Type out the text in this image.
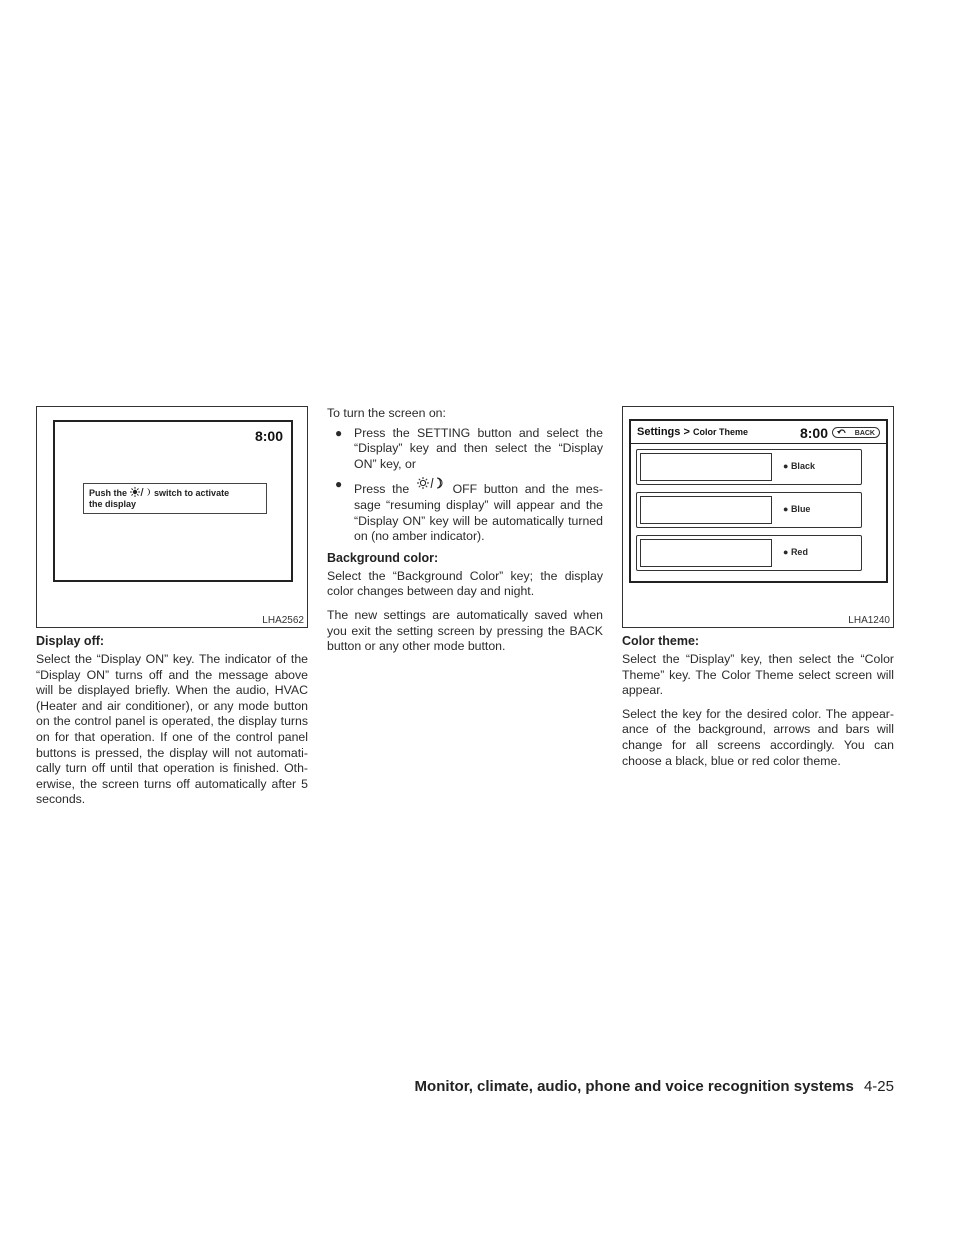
8:00
Push the	switch to activate
the display
LHA2562
Display off:

Select the “Display ON” key. The indicator of the “Display ON” turns off and the message above will be displayed briefly. When the audio, HVAC (Heater and air conditioner), or any mode button on the control panel is operated, the display turns on for that operation. If one of the control panel buttons is pressed, the display will not automati- cally turn off until that operation is finished. Oth- erwise, the screen turns off automatically after 5 seconds.

To turn the screen on:

● Press the SETTING button and select the “Display” key and then select the “Display ON” key, or
● Press the	OFF button and the mes- sage “resuming display” will appear and the “Display ON” key will be automatically turned on (no amber indicator).
Background color:

Select the “Background Color” key; the display color changes between day and night.

The new settings are automatically saved when you exit the setting screen by pressing the BACK button or any other mode button.

Settings > Color Theme	8:00	BACK
● Black
● Blue
● Red
LHA1240
Color theme:

Select the “Display” key, then select the “Color Theme” key. The Color Theme select screen will appear.

Select the key for the desired color. The appear- ance of the background, arrows and bars will change for all screens accordingly. You can choose a black, blue or red color theme.

Monitor, climate, audio, phone and voice recognition systems 4-25
